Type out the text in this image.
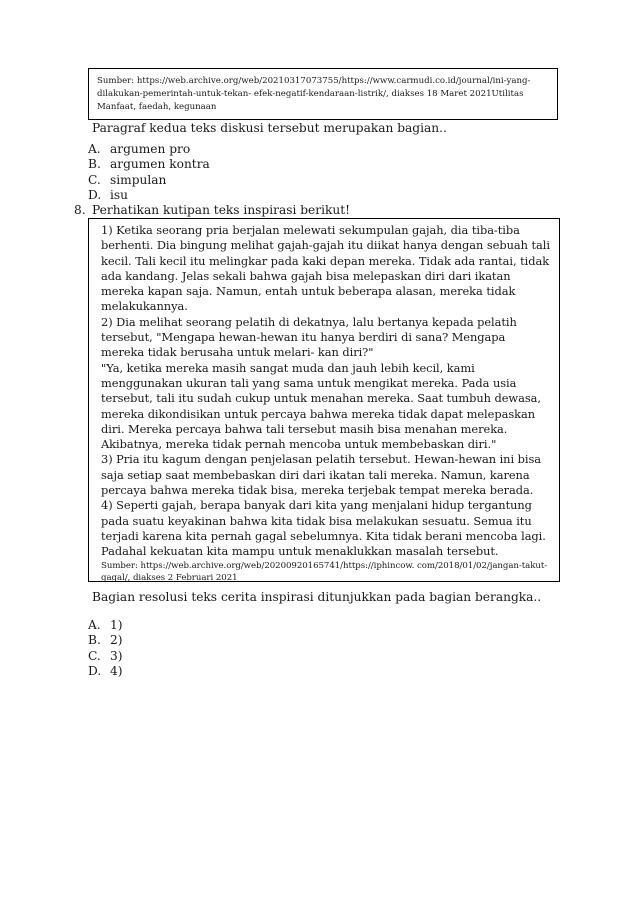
Sumber: https://web.archive.org/web/20210317073755/https://www.carmudi.co.id/journal/ini-yang-dilakukan-pemerintah-untuk-tekan- efek-negatif-kendaraan-listrik/, diakses 18 Maret 2021Utilitas Manfaat, faedah, kegunaan
Paragraf kedua teks diskusi tersebut merupakan bagian..
A. argumen pro
B. argumen kontra
C. simpulan
D. isu
8. Perhatikan kutipan teks inspirasi berikut!

1) Ketika seorang pria berjalan melewati sekumpulan gajah, dia tiba-tiba berhenti. Dia bingung melihat gajah-gajah itu diikat hanya dengan sebuah tali kecil. Tali kecil itu melingkar pada kaki depan mereka. Tidak ada rantai, tidak ada kandang. Jelas sekali bahwa gajah bisa melepaskan diri dari ikatan mereka kapan saja. Namun, entah untuk beberapa alasan, mereka tidak melakukannya.

2) Dia melihat seorang pelatih di dekatnya, lalu bertanya kepada pelatih tersebut, "Mengapa hewan-hewan itu hanya berdiri di sana? Mengapa mereka tidak berusaha untuk melari- kan diri?"

"Ya, ketika mereka masih sangat muda dan jauh lebih kecil, kami menggunakan ukuran tali yang sama untuk mengikat mereka. Pada usia tersebut, tali itu sudah cukup untuk menahan mereka. Saat tumbuh dewasa, mereka dikondisikan untuk percaya bahwa mereka tidak dapat melepaskan diri. Mereka percaya bahwa tali tersebut masih bisa menahan mereka. Akibatnya, mereka tidak pernah mencoba untuk membebaskan diri."

3) Pria itu kagum dengan penjelasan pelatih tersebut. Hewan-hewan ini bisa saja setiap saat membebaskan diri dari ikatan tali mereka. Namun, karena percaya bahwa mereka tidak bisa, mereka terjebak tempat mereka berada.

4) Seperti gajah, berapa banyak dari kita yang menjalani hidup tergantung pada suatu keyakinan bahwa kita tidak bisa melakukan sesuatu. Semua itu terjadi karena kita pernah gagal sebelumnya. Kita tidak berani mencoba lagi. Padahal kekuatan kita mampu untuk menaklukkan masalah tersebut.

Sumber: https://web.archive.org/web/20200920165741/https://iphincow. com/2018/01/02/jangan-takut-gagal/, diakses 2 Februari 2021

Bagian resolusi teks cerita inspirasi ditunjukkan pada bagian berangka..
A. 1)
B. 2)
C. 3)
D. 4)
